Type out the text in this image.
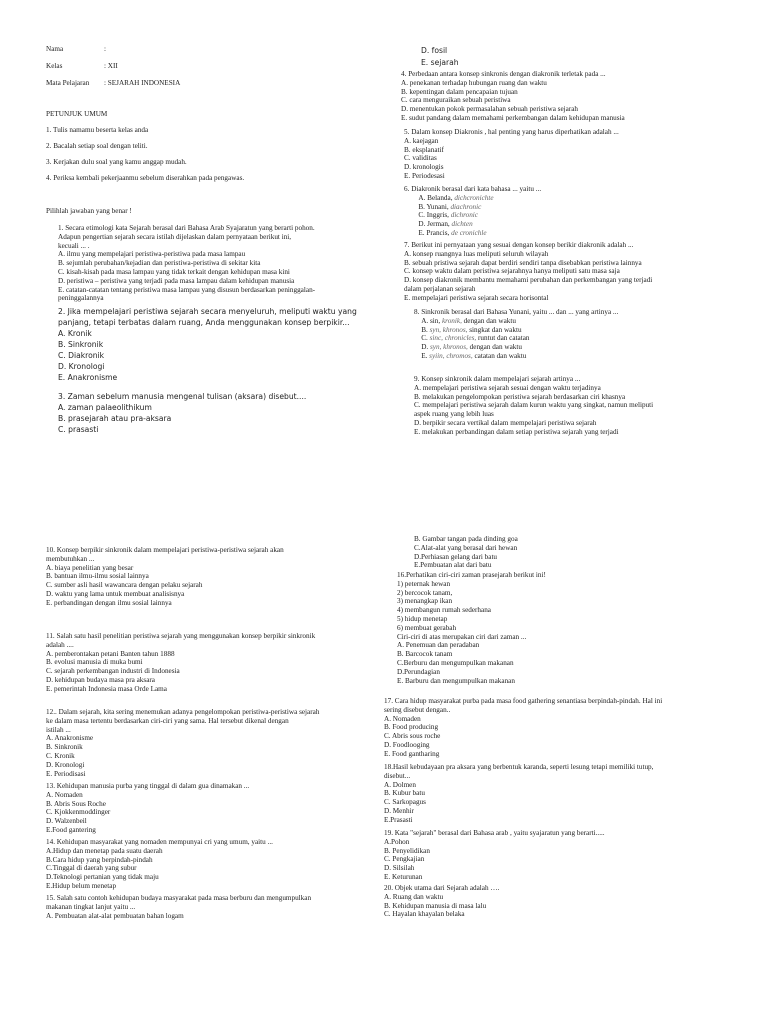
Nama	:
Kelas	: XII
Mata Pelajaran	: SEJARAH INDONESIA
PETUNJUK UMUM
1. Tulis namamu beserta kelas anda
2. Bacalah setiap soal dengan teliti.
3. Kerjakan dulu soal yang kamu anggap mudah.
4. Periksa kembali pekerjaanmu sebelum diserahkan pada pengawas.
Pilihlah jawaban yang benar !
1. Secara etimologi kata Sejarah berasal dari Bahasa Arab Syajaratun yang berarti pohon.
Adapun pengertian sejarah secara istilah dijelaskan dalam pernyataan berikut ini,
kecuali ... .
A. ilmu yang mempelajari peristiwa-peristiwa pada masa lampau
B. sejumlah perubahan/kejadian dan peristiwa-peristiwa di sekitar kita
C. kisah-kisah pada masa lampau yang tidak terkait dengan kehidupan masa kini
D. peristiwa – peristiwa yang terjadi pada masa lampau dalam kehidupan manusia
E. catatan-catatan tentang peristiwa masa lampau yang disusun berdasarkan peninggalan-
peninggalannya
2. Jika mempelajari peristiwa sejarah secara menyeluruh, meliputi waktu yang
panjang, tetapi terbatas dalam ruang, Anda menggunakan konsep berpikir...
A. Kronik
B. Sinkronik
C. Diakronik
D. Kronologi
E. Anakronisme
3. Zaman sebelum manusia mengenal tulisan (aksara) disebut....
A. zaman palaeolithikum
B. prasejarah atau pra-aksara
C. prasasti
D. fosil
E. sejarah
4. Perbedaan antara konsep sinkronis dengan diakronik terletak pada ...
A. penekanan terhadap hubungan ruang dan waktu
B. kepentingan dalam pencapaian tujuan
C. cara menguraikan sebuah peristiwa
D. menentukan pokok permasalahan sebuah peristiwa sejarah
E. sudut pandang dalam memahami perkembangan dalam kehidupan manusia
5. Dalam konsep Diakronis , hal penting yang harus diperhatikan adalah ...
A. kaejagan
B. eksplanatif
C. validitas
D. kronologis
E. Periodesasi
6. Diakronik berasal dari kata bahasa ... yaitu ...
A. Belanda, dichcronichte
B. Yunani, diachronic
C. Inggris, dichronic
D. Jerman, dichten
E. Prancis, de cronichle
7. Berikut ini pernyataan yang sesuai dengan konsep berikir diakronik adalah ...
A. konsep ruangnya luas meliputi seluruh wilayah
B. sebuah pristiwa sejarah dapat berdiri sendiri tanpa disebabkan peristiwa lainnya
C. konsep waktu dalam peristiwa sejarahnya hanya meliputi satu masa saja
D. konsep diakronik membantu memahami perubahan dan perkembangan yang terjadi
dalam perjalanan sejarah
E. mempelajari peristiwa sejarah secara horisontal
8. Sinkronik berasal dari Bahasa Yunani, yaitu ... dan ... yang artinya ...
A. sin, kronik, dengan dan waktu
B. syn, khronos, singkat dan waktu
C. sinc, chronicles, runtut dan catatan
D. syn, khronos, dengan dan waktu
E. syiin, chromos, catatan dan waktu
9. Konsep sinkronik dalam mempelajari sejarah artinya ...
A. mempelajari peristiwa sejarah sesuai dengan waktu terjadinya
B. melakukan pengelompokan peristiwa sejarah berdasarkan ciri khasnya
C. mempelajari peristiwa sejarah dalam kurun waktu yang singkat, namun meliputi
aspek ruang yang lebih luas
D. berpikir secara vertikal dalam mempelajari peristiwa sejarah
E. melakukan perbandingan dalam setiap peristiwa sejarah yang terjadi
10. Konsep berpikir sinkronik dalam mempelajari peristiwa-peristiwa sejarah akan
membutuhkan ...
A. biaya penelitian yang besar
B. bantuan ilmu-ilmu sosial lainnya
C. sumber asli hasil wawancara dengan pelaku sejarah
D. waktu yang lama untuk membuat analisisnya
E. perbandingan dengan ilmu sosial lainnya
11. Salah satu hasil penelitian peristiwa sejarah yang menggunakan konsep berpikir sinkronik
adalah ....
A. pemberontakan petani Banten tahun 1888
B. evolusi manusia di muka bumi
C. sejarah perkembangan industri di Indonesia
D. kehidupan budaya masa pra aksara
E. pemerintah Indonesia masa Orde Lama
12.. Dalam sejarah, kita sering menemukan adanya pengelompokan peristiwa-peristiwa sejarah
ke dalam masa tertentu berdasarkan ciri-ciri yang sama. Hal tersebut dikenal dengan
istilah ...
A. Anakronisme
B. Sinkronik
C. Kronik
D. Kronologi
E. Periodisasi
13. Kehidupan manusia purba yang tinggal di dalam gua dinamakan ...
A. Nomaden
B. Abris Sous Roche
C. Kjokkenmoddinger
D. Walzenbeil
E.Food gantering
14. Kehidupan masyarakat yang nomaden mempunyai cri yang umum, yaitu ...
A.Hidup dan menetap pada suatu daerah
B.Cara hidup yang berpindah-pindah
C.Tinggal di daerah yang subur
D.Teknologi pertanian yang tidak maju
E.Hidup belum menetap
15. Salah satu contoh kehidupan budaya masyarakat pada masa berburu dan mengumpulkan
makanan tingkat lanjut yaitu ...
A. Pembuatan alat-alat pembuatan bahan logam
B. Gambar tangan pada dinding goa
C.Alat-alat yang berasal dari hewan
D.Perhiasan gelang dari batu
E.Pembuatan alat dari batu
16.Perhatikan ciri-ciri zaman prasejarah berikut ini!
1) peternak hewan
2) bercocok tanam,
3) menangkap ikan
4) membangun rumah sederhana
5) hidup menetap
6) membuat gerabah
Ciri-ciri di atas merupakan ciri dari zaman ...
A. Penemuan dan peradaban
B. Barcocok tanam
C.Berburu dan mengumpulkan makanan
D.Perundagian
E. Barburu dan mengumpulkan makanan
17. Cara hidup masyarakat purba pada masa food gathering senantiasa berpindah-pindah. Hal ini
sering disebut dengan..
A. Nomaden
B. Food producing
C. Abris sous roche
D. Foodlooging
E. Food gantharing
18.Hasil kebudayaan pra aksara yang berbentuk karanda, seperti lesung tetapi memiliki tutup,
disebut...
A. Dolmen
B. Kubur batu
C. Sarkopagus
D. Menhir
E.Prasasti
19. Kata "sejarah" berasal dari Bahasa arab , yaitu syajaratun yang berarti.....
A.Pohon
B. Penyelidikan
C. Pengkajian
D. Silsilah
E. Keturunan
20. Objek utama dari Sejarah adalah ….
A. Ruang dan waktu
B. Kehidupan manusia di masa lalu
C. Hayalan khayalan belaka
